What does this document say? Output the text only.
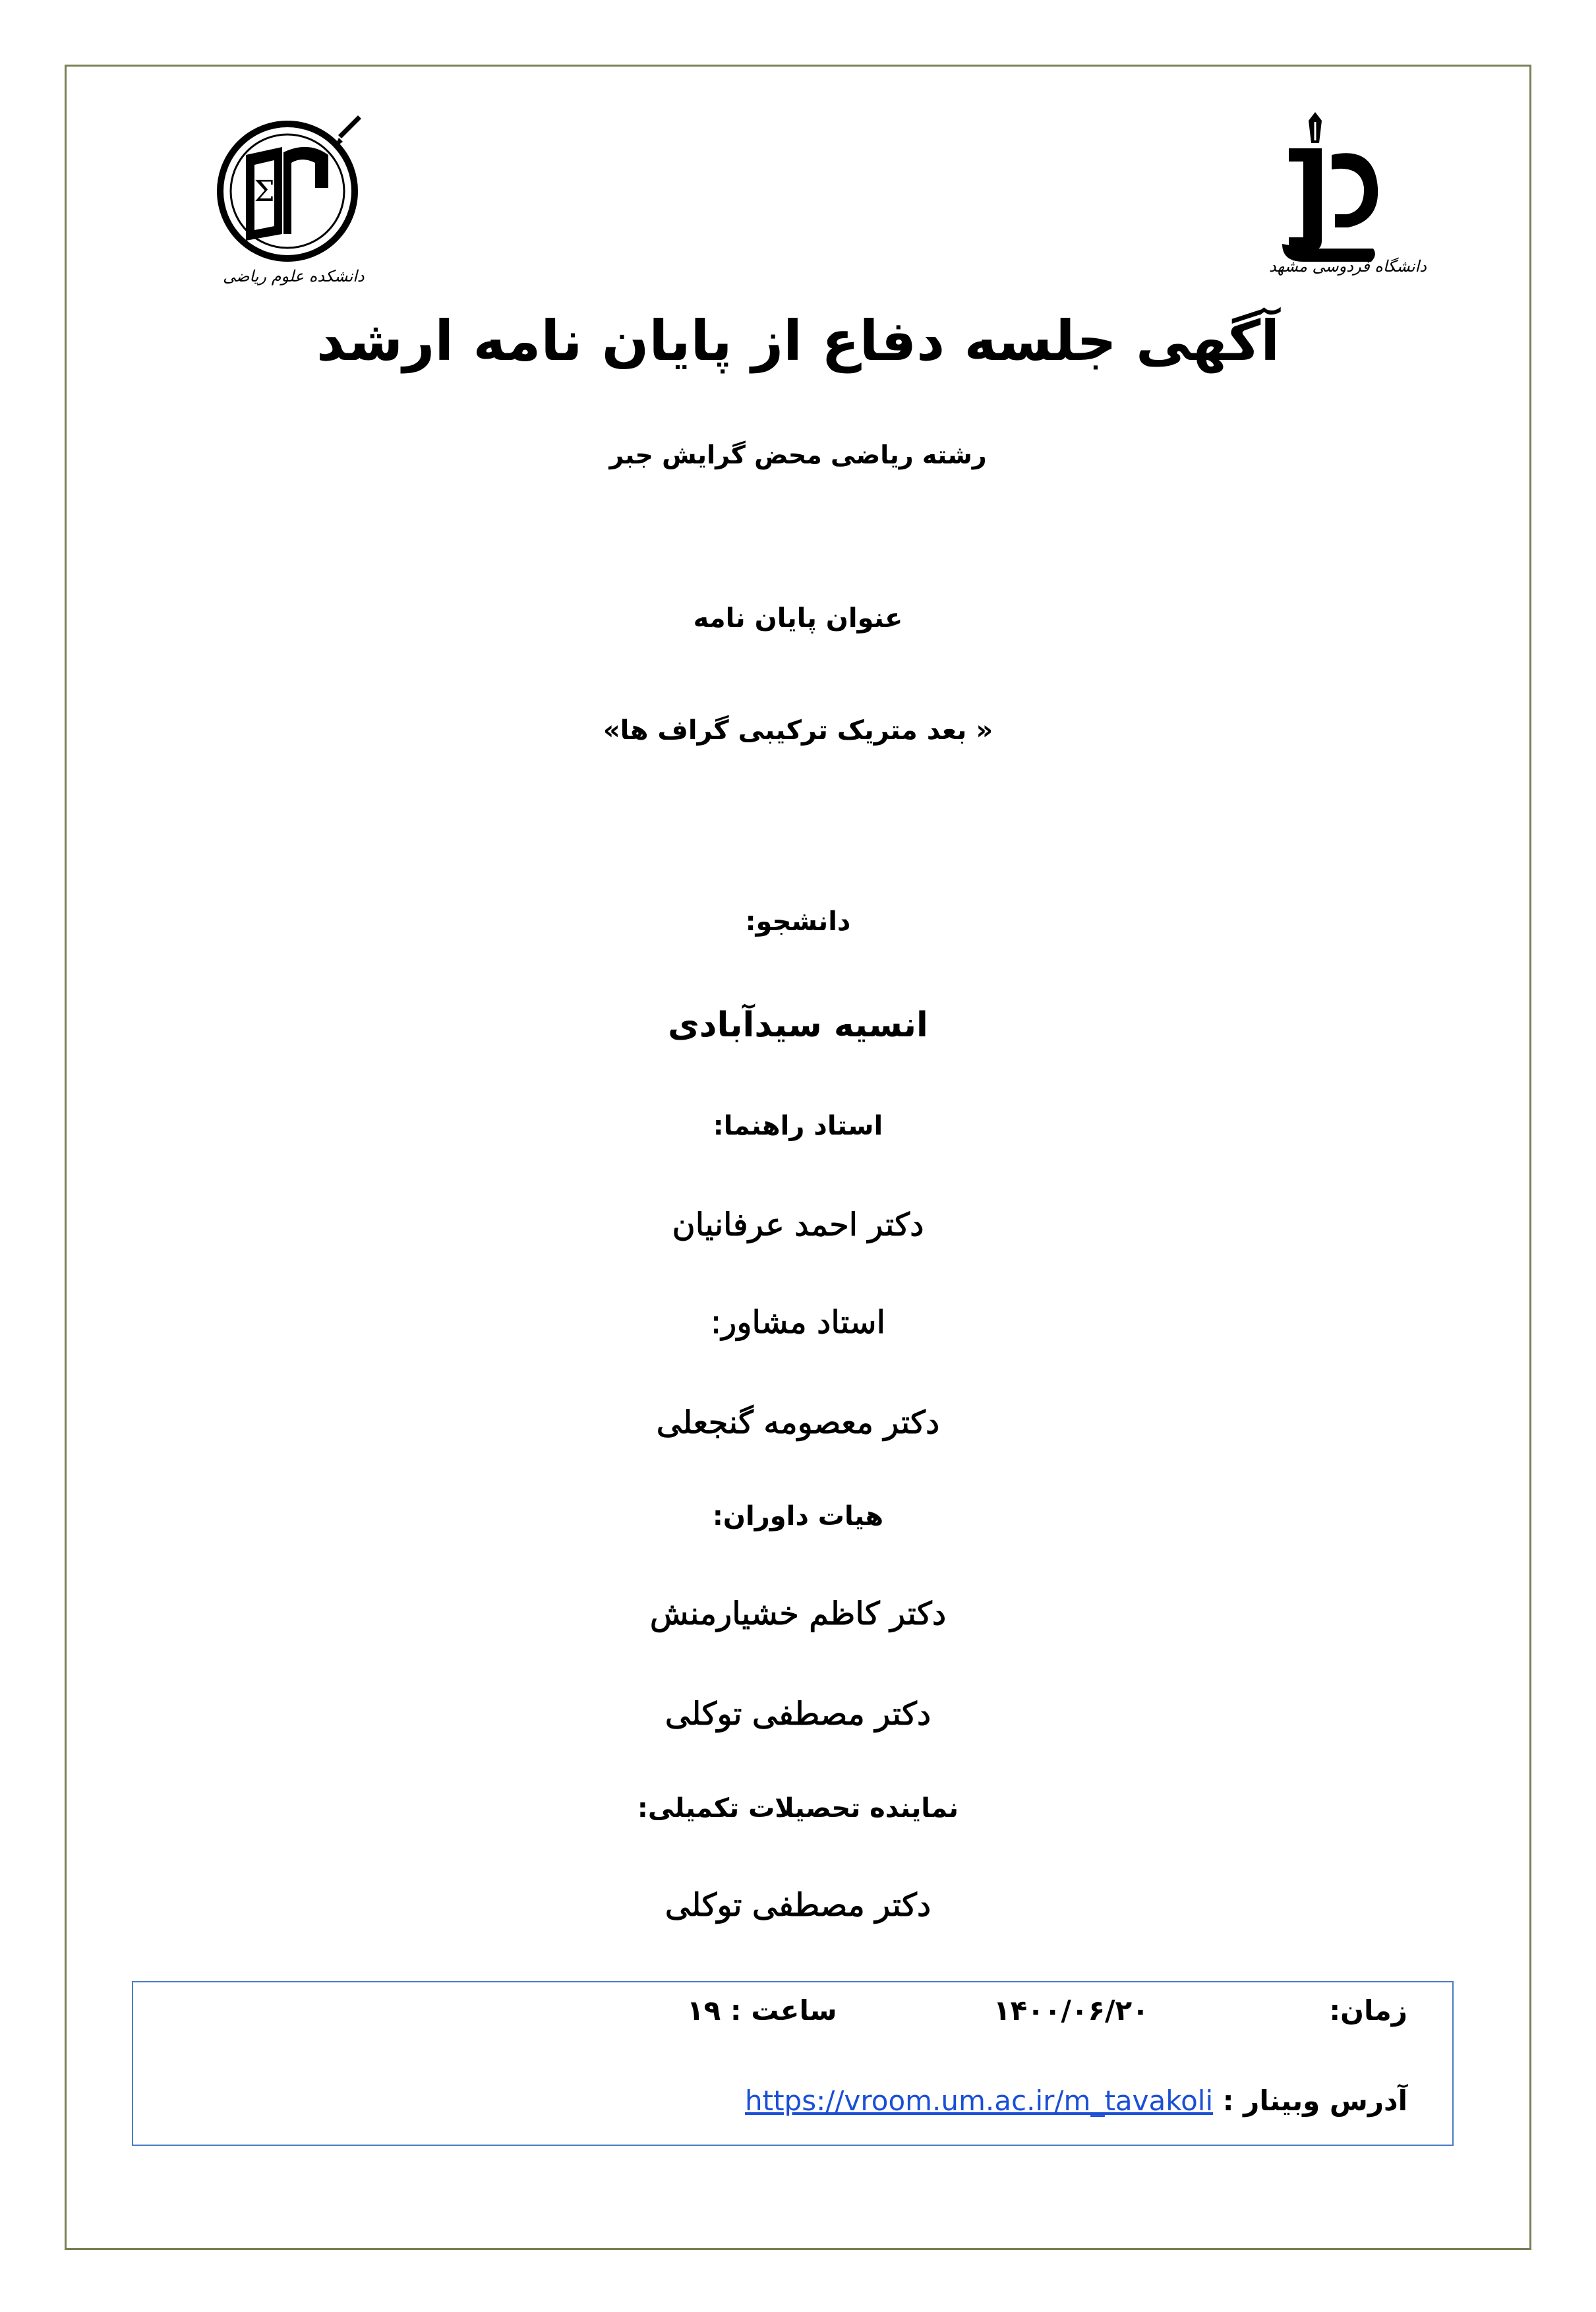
Σ
دانشکده علوم ریاضی
دانشگاه فردوسی مشهد
آگهی جلسه دفاع از پایان نامه ارشد
رشته ریاضی محض گرایش جبر
عنوان پایان نامه
« بعد متریک ترکیبی گراف ها»
دانشجو:
انسیه سیدآبادی
استاد راهنما:
دکتر احمد عرفانیان
استاد مشاور:
دکتر معصومه گنجعلی
هیات داوران:
دکتر کاظم خشیارمنش
دکتر مصطفی توکلی
نماینده تحصیلات تکمیلی:
دکتر مصطفی توکلی
زمان:
۱۴۰۰/۰۶/۲۰
ساعت : ۱۹
آدرس وبینار : https://vroom.um.ac.ir/m_tavakoli
